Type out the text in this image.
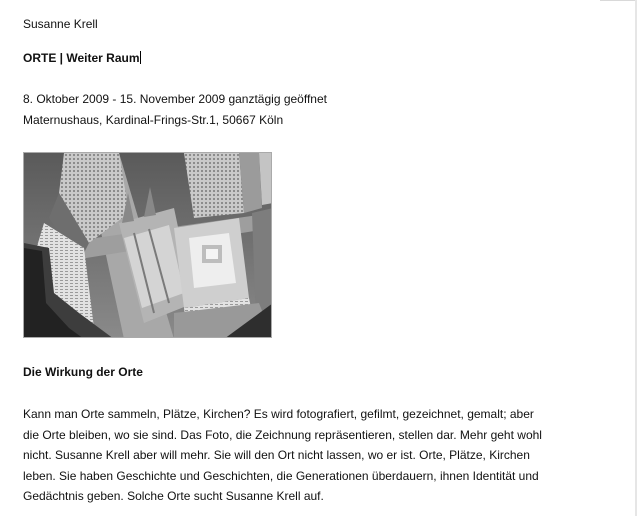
Susanne Krell
ORTE | Weiter Raum
8. Oktober 2009 - 15. November 2009 ganztägig geöffnet
Maternushaus, Kardinal-Frings-Str.1, 50667 Köln
Die Wirkung der Orte
Kann man Orte sammeln, Plätze, Kirchen? Es wird fotografiert, gefilmt, gezeichnet, gemalt; aber
die Orte bleiben, wo sie sind. Das Foto, die Zeichnung repräsentieren, stellen dar. Mehr geht wohl
nicht. Susanne Krell aber will mehr. Sie will den Ort nicht lassen, wo er ist. Orte, Plätze, Kirchen
leben. Sie haben Geschichte und Geschichten, die Generationen überdauern, ihnen Identität und
Gedächtnis geben. Solche Orte sucht Susanne Krell auf.
